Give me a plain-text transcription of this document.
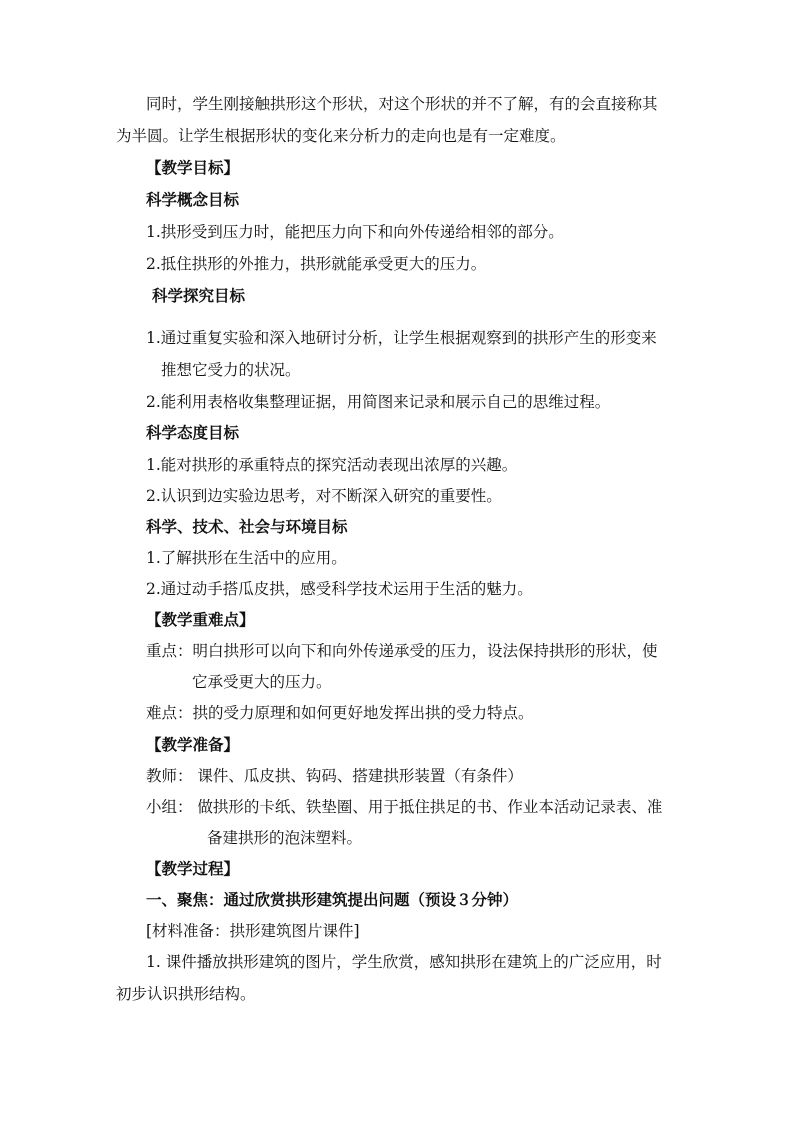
同时，学生刚接触拱形这个形状，对这个形状的并不了解，有的会直接称其
为半圆。让学生根据形状的变化来分析力的走向也是有一定难度。
【教学目标】
科学概念目标
1.拱形受到压力时，能把压力向下和向外传递给相邻的部分。
2.抵住拱形的外推力，拱形就能承受更大的压力。
科学探究目标
1.通过重复实验和深入地研讨分析，让学生根据观察到的拱形产生的形变来
推想它受力的状况。
2.能利用表格收集整理证据，用简图来记录和展示自己的思维过程。
科学态度目标
1.能对拱形的承重特点的探究活动表现出浓厚的兴趣。
2.认识到边实验边思考，对不断深入研究的重要性。
科学、技术、社会与环境目标
1.了解拱形在生活中的应用。
2.通过动手搭瓜皮拱，感受科学技术运用于生活的魅力。
【教学重难点】
重点：明白拱形可以向下和向外传递承受的压力，设法保持拱形的形状，使
它承受更大的压力。
难点：拱的受力原理和如何更好地发挥出拱的受力特点。
【教学准备】
教师： 课件、瓜皮拱、钩码、搭建拱形装置（有条件）
小组： 做拱形的卡纸、铁垫圈、用于抵住拱足的书、作业本活动记录表、准
备建拱形的泡沫塑料。
【教学过程】
一、聚焦：通过欣赏拱形建筑提出问题（预设３分钟）
[材料准备：拱形建筑图片课件]
1. 课件播放拱形建筑的图片，学生欣赏，感知拱形在建筑上的广泛应用，时
初步认识拱形结构。
